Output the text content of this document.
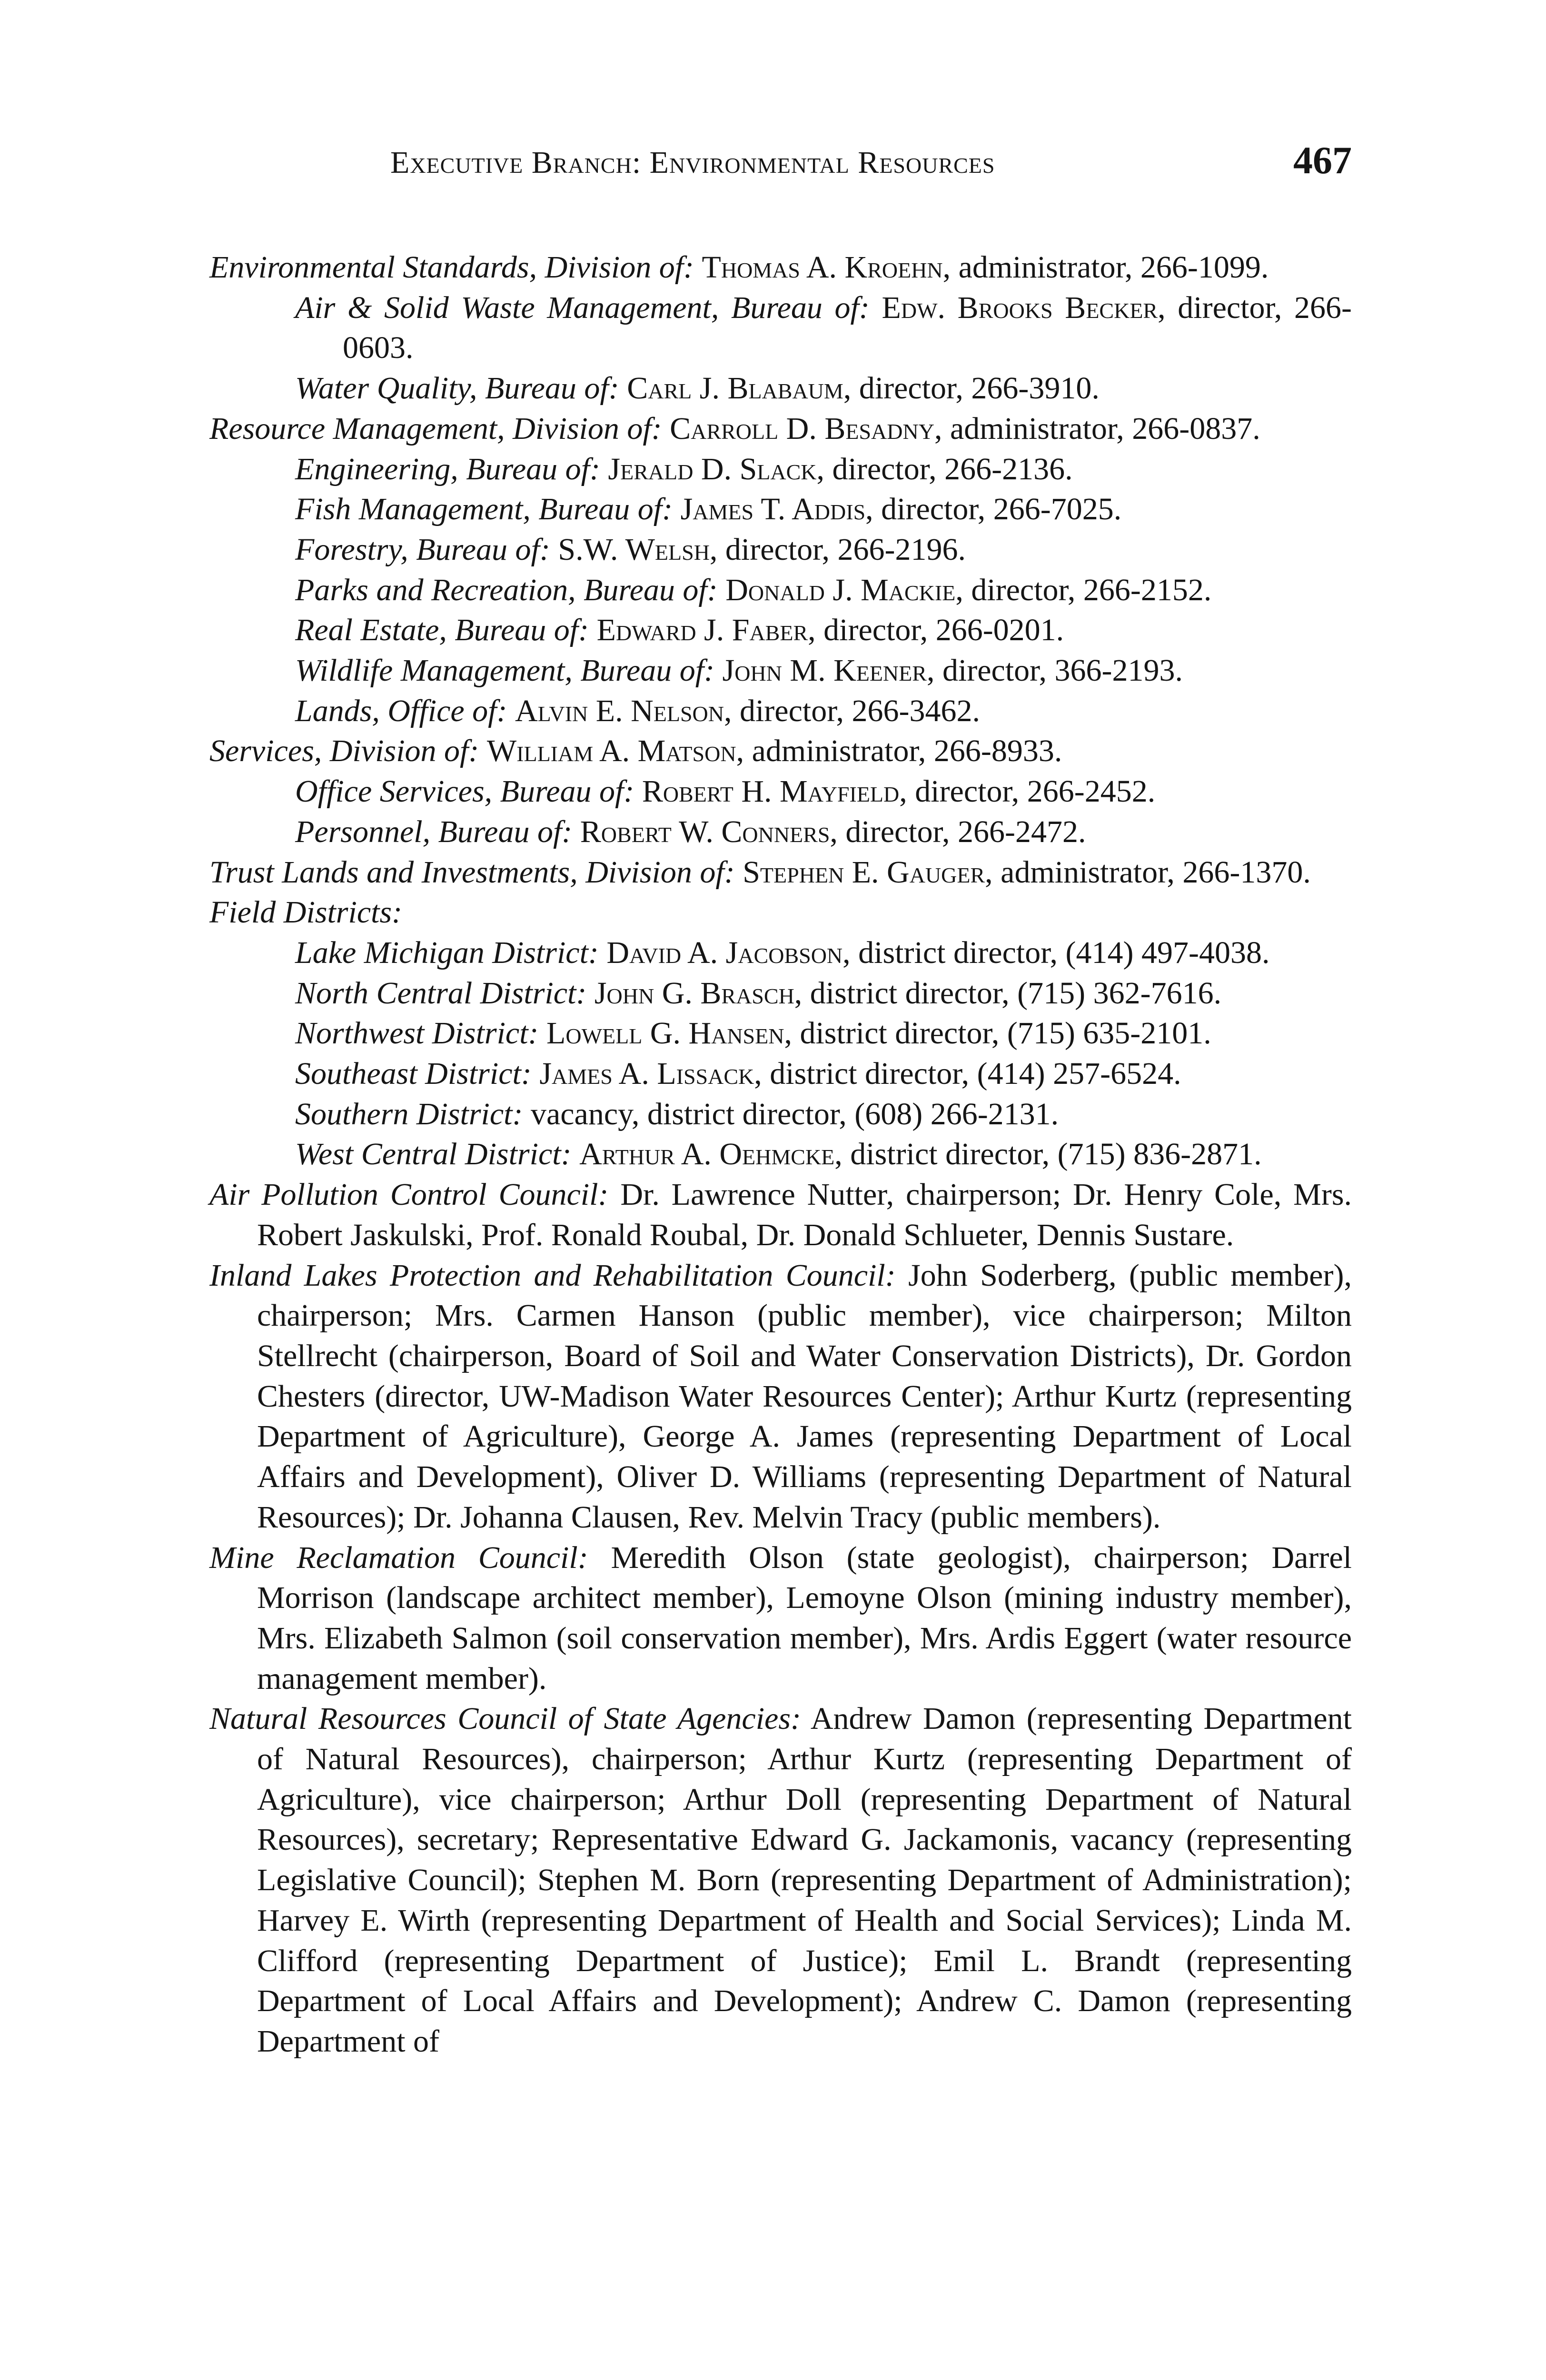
Executive Branch: Environmental Resources	467

Environmental Standards, Division of: Thomas A. Kroehn, administrator, 266-1099.

Air & Solid Waste Management, Bureau of: Edw. Brooks Becker, director, 266-0603.

Water Quality, Bureau of: Carl J. Blabaum, director, 266-3910.

Resource Management, Division of: Carroll D. Besadny, administrator, 266-0837.

Engineering, Bureau of: Jerald D. Slack, director, 266-2136.

Fish Management, Bureau of: James T. Addis, director, 266-7025.

Forestry, Bureau of: S.W. Welsh, director, 266-2196.

Parks and Recreation, Bureau of: Donald J. Mackie, director, 266-2152.

Real Estate, Bureau of: Edward J. Faber, director, 266-0201.

Wildlife Management, Bureau of: John M. Keener, director, 366-2193.

Lands, Office of: Alvin E. Nelson, director, 266-3462.

Services, Division of: William A. Matson, administrator, 266-8933.

Office Services, Bureau of: Robert H. Mayfield, director, 266-2452.

Personnel, Bureau of: Robert W. Conners, director, 266-2472.

Trust Lands and Investments, Division of: Stephen E. Gauger, administrator, 266-1370.

Field Districts:

Lake Michigan District: David A. Jacobson, district director, (414) 497-4038.

North Central District: John G. Brasch, district director, (715) 362-7616.

Northwest District: Lowell G. Hansen, district director, (715) 635-2101.

Southeast District: James A. Lissack, district director, (414) 257-6524.

Southern District: vacancy, district director, (608) 266-2131.

West Central District: Arthur A. Oehmcke, district director, (715) 836-2871.

Air Pollution Control Council: Dr. Lawrence Nutter, chairperson; Dr. Henry Cole, Mrs. Robert Jaskulski, Prof. Ronald Roubal, Dr. Donald Schlueter, Dennis Sustare.

Inland Lakes Protection and Rehabilitation Council: John Soderberg, (public member), chairperson; Mrs. Carmen Hanson (public member), vice chairperson; Milton Stellrecht (chairperson, Board of Soil and Water Conservation Districts), Dr. Gordon Chesters (director, UW-Madison Water Resources Center); Arthur Kurtz (representing Department of Agriculture), George A. James (representing Department of Local Affairs and Development), Oliver D. Williams (representing Department of Natural Resources); Dr. Johanna Clausen, Rev. Melvin Tracy (public members).

Mine Reclamation Council: Meredith Olson (state geologist), chairperson; Darrel Morrison (landscape architect member), Lemoyne Olson (mining industry member), Mrs. Elizabeth Salmon (soil conservation member), Mrs. Ardis Eggert (water resource management member).

Natural Resources Council of State Agencies: Andrew Damon (representing Department of Natural Resources), chairperson; Arthur Kurtz (representing Department of Agriculture), vice chairperson; Arthur Doll (representing Department of Natural Resources), secretary; Representative Edward G. Jackamonis, vacancy (representing Legislative Council); Stephen M. Born (representing Department of Administration); Harvey E. Wirth (representing Department of Health and Social Services); Linda M. Clifford (representing Department of Justice); Emil L. Brandt (representing Department of Local Affairs and Development); Andrew C. Damon (representing Department of
